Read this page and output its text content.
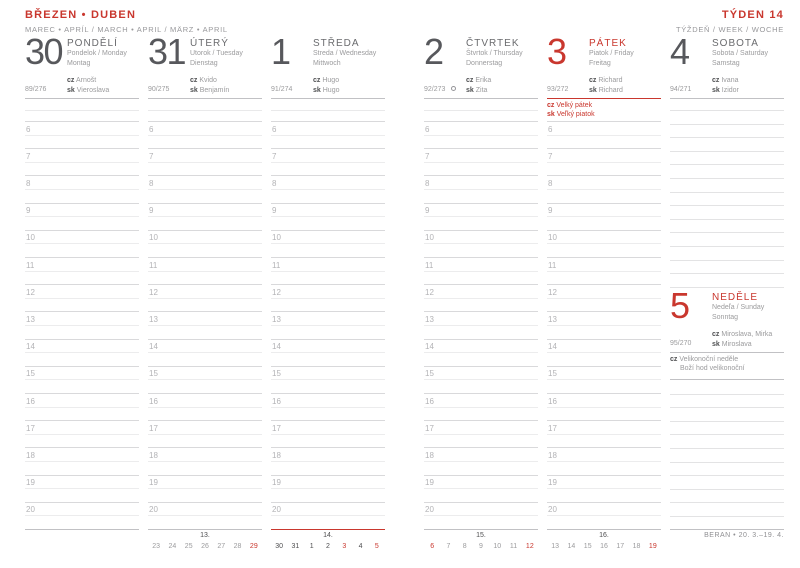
BŘEZEN • DUBEN
MAREC • APRÍL / MARCH • APRIL / MÄRZ • APRIL
TÝDEN 14
TÝŽDEŇ / WEEK / WOCHE
30 PONDĚLÍ
Pondelok / Monday
Montag
cz Arnošt
sk Vieroslava
89/276
6
7
8
9
10
11
12
13
14
15
16
17
18
19
20
31 ÚTERÝ
Utorok / Tuesday
Dienstag
cz Kvido
sk Benjamín
90/275
6
7
8
9
10
11
12
13
14
15
16
17
18
19
20
13.
23	24	25	26	27	28	29
1 STŘEDA
Streda / Wednesday
Mittwoch
cz Hugo
sk Hugo
91/274
6
7
8
9
10
11
12
13
14
15
16
17
18
19
20
14.
30	31	1	2	3	4	5
2 ČTVRTEK
Štvrtok / Thursday
Donnerstag
cz Erika
sk Zita
92/273
6
7
8
9
10
11
12
13
14
15
16
17
18
19
20
15.
6	7	8	9	10	11	12
3 PÁTEK
Piatok / Friday
Freitag
cz Richard
sk Richard
93/272
cz Velký pátek
sk Veľký piatok
6
7
8
9
10
11
12
13
14
15
16
17
18
19
20
16.
13	14	15	16	17	18	19
4 SOBOTA
Sobota / Saturday
Samstag
cz Ivana
sk Izidor
94/271
5 NEDĚLE
Nedeľa / Sunday
Sonntag
cz Miroslava, Mirka
sk Miroslava
95/270
cz Velikonoční neděle
Boží hod velikonoční
BERAN • 20. 3.–19. 4.
